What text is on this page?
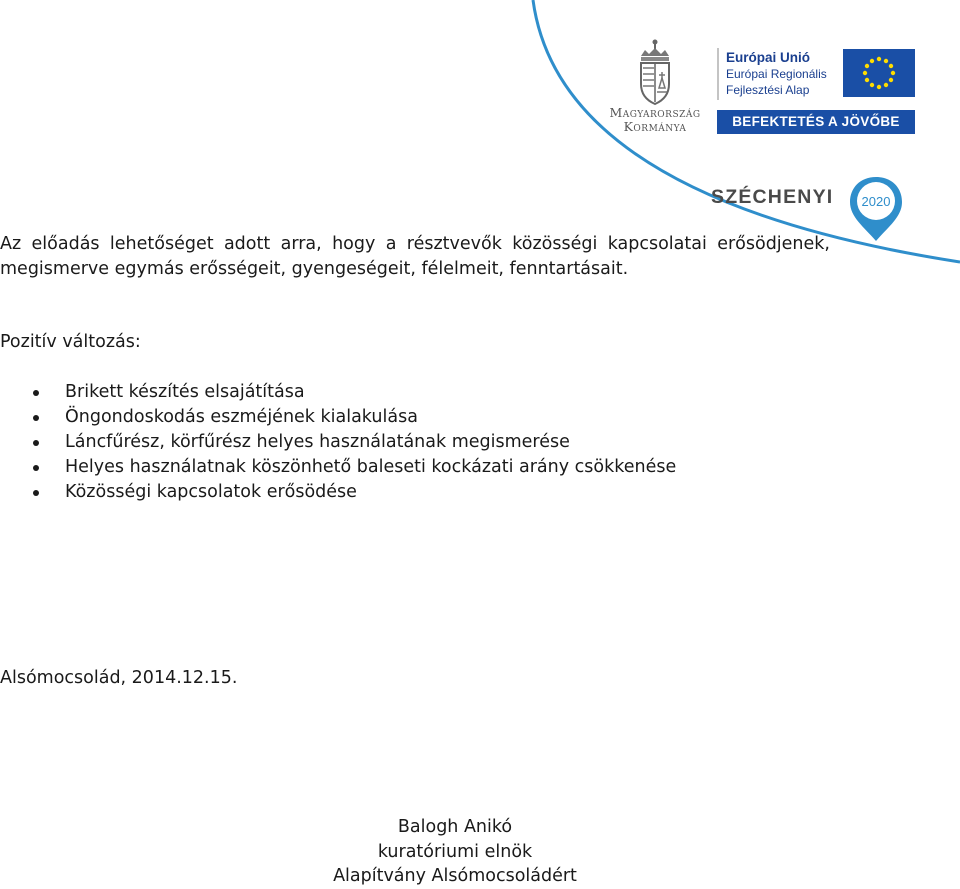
Magyarország
Kormánya
Európai Unió
Európai Regionális
Fejlesztési Alap
BEFEKTETÉS A JÖVŐBE
SZÉCHENYI 2020
Az előadás lehetőséget adott arra, hogy a résztvevők közösségi kapcsolatai erősödjenek, megismerve egymás erősségeit, gyengeségeit, félelmeit, fenntartásait.
Pozitív változás:
Brikett készítés elsajátítása
Öngondoskodás eszméjének kialakulása
Láncfűrész, körfűrész helyes használatának megismerése
Helyes használatnak köszönhető baleseti kockázati arány csökkenése
Közösségi kapcsolatok erősödése
Alsómocsolád, 2014.12.15.
Balogh Anikó
kuratóriumi elnök
Alapítvány Alsómocsoládért
